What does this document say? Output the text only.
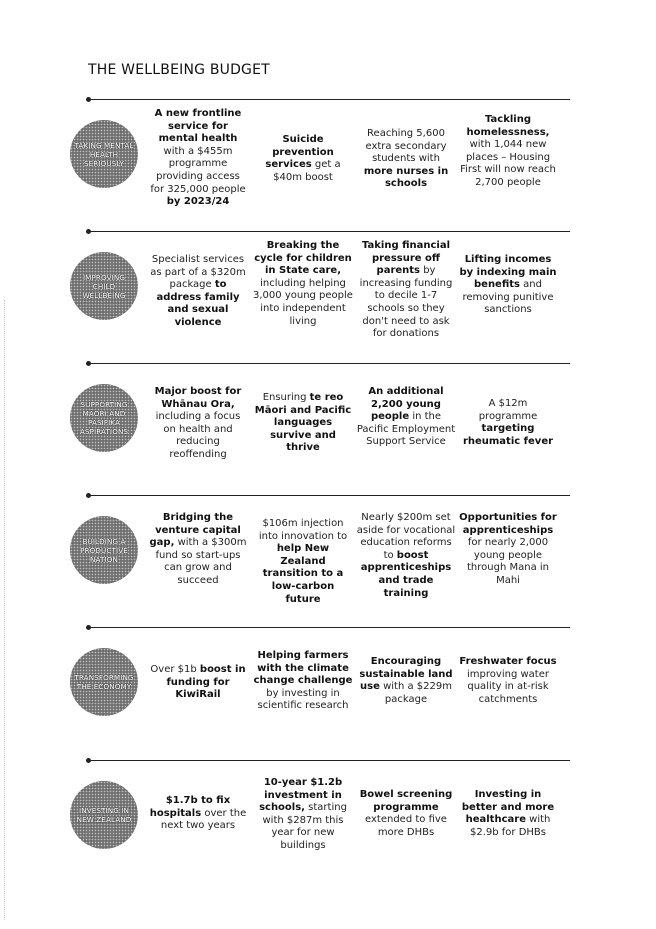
THE WELLBEING BUDGET
TAKING MENTAL HEALTH SERIOUSLY
A new frontline service for mental health with a $455m programme providing access for 325,000 people by 2023/24
Suicide prevention services get a $40m boost
Reaching 5,600 extra secondary students with more nurses in schools
Tackling homelessness, with 1,044 new places – Housing First will now reach 2,700 people
IMPROVING CHILD WELLBEING
Specialist services as part of a $320m package to address family and sexual violence
Breaking the cycle for children in State care, including helping 3,000 young people into independent living
Taking financial pressure off parents by increasing funding to decile 1-7 schools so they don't need to ask for donations
Lifting incomes by indexing main benefits and removing punitive sanctions
SUPPORTING MĀORI AND PASIFIKA ASPIRATIONS
Major boost for Whānau Ora, including a focus on health and reducing reoffending
Ensuring te reo Māori and Pacific languages survive and thrive
An additional 2,200 young people in the Pacific Employment Support Service
A $12m programme targeting rheumatic fever
BUILDING A PRODUCTIVE NATION
Bridging the venture capital gap, with a $300m fund so start-ups can grow and succeed
$106m injection into innovation to help New Zealand transition to a low-carbon future
Nearly $200m set aside for vocational education reforms to boost apprenticeships and trade training
Opportunities for apprenticeships for nearly 2,000 young people through Mana in Mahi
TRANSFORMING THE ECONOMY
Over $1b boost in funding for KiwiRail
Helping farmers with the climate change challenge by investing in scientific research
Encouraging sustainable land use with a $229m package
Freshwater focus improving water quality in at-risk catchments
INVESTING IN NEW ZEALAND
$1.7b to fix hospitals over the next two years
10-year $1.2b investment in schools, starting with $287m this year for new buildings
Bowel screening programme extended to five more DHBs
Investing in better and more healthcare with $2.9b for DHBs
